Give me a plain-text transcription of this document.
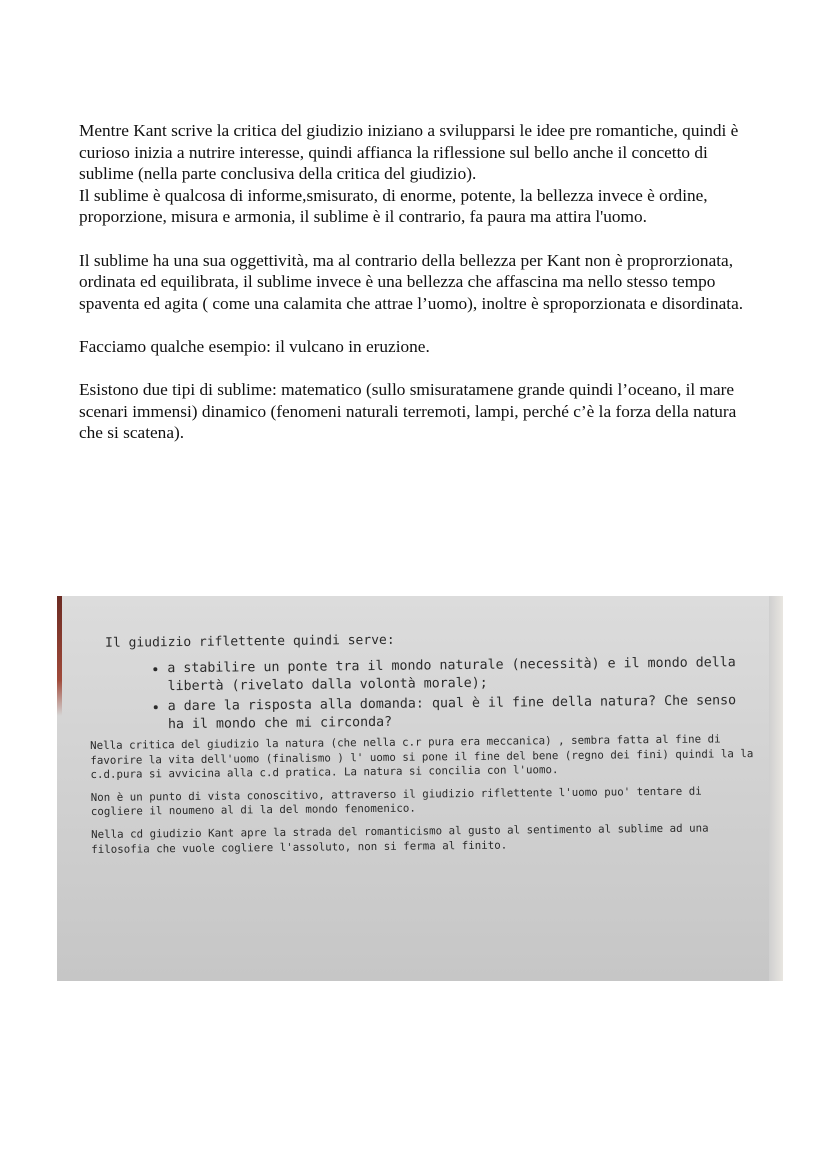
Mentre Kant scrive la critica del giudizio iniziano a svilupparsi le idee pre romantiche, quindi è curioso inizia a nutrire interesse, quindi affianca la riflessione sul bello anche il concetto di sublime (nella parte conclusiva della critica del giudizio).

Il sublime è qualcosa di informe,smisurato, di enorme, potente, la bellezza invece è ordine, proporzione, misura e armonia, il sublime è il contrario, fa paura ma attira l'uomo.

Il sublime ha una sua oggettività, ma al contrario della bellezza per Kant non è proprorzionata, ordinata ed equilibrata, il sublime invece è una bellezza che affascina ma nello stesso tempo spaventa ed agita ( come una calamita che attrae l’uomo), inoltre è sproporzionata e disordinata.

Facciamo qualche esempio: il vulcano in eruzione.

Esistono due tipi di sublime: matematico (sullo smisuratamene grande quindi l’oceano, il mare scenari immensi) dinamico (fenomeni naturali terremoti, lampi, perché c’è la forza della natura che si scatena).

Il giudizio riflettente quindi serve:
• a stabilire un ponte tra il mondo naturale (necessità) e il mondo della libertà (rivelato dalla volontà morale);
• a dare la risposta alla domanda: qual è il fine della natura? Che senso ha il mondo che mi circonda?
Nella critica del giudizio la natura (che nella c.r pura era meccanica) , sembra fatta al fine di favorire la vita dell'uomo (finalismo ) l' uomo si pone il fine del bene (regno dei fini) quindi la la c.d.pura si avvicina alla c.d pratica. La natura si concilia con l'uomo.
Non è un punto di vista conoscitivo, attraverso il giudizio riflettente l'uomo puo' tentare di cogliere il noumeno al di la del mondo fenomenico.
Nella cd giudizio Kant apre la strada del romanticismo al gusto al sentimento al sublime ad una filosofia che vuole cogliere l'assoluto, non si ferma al finito.
